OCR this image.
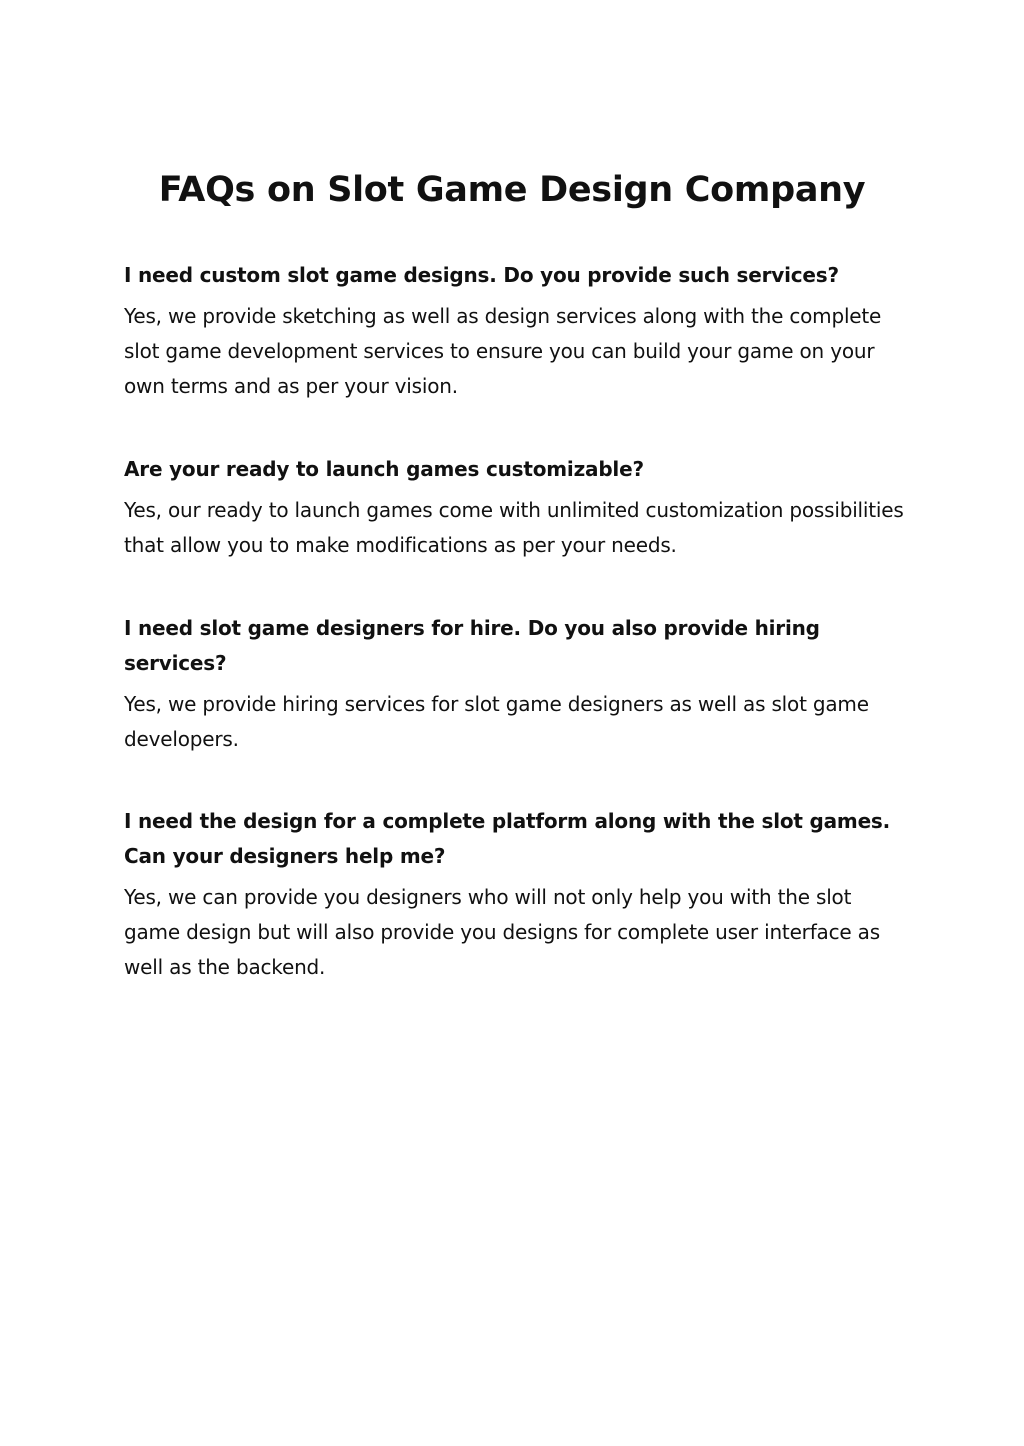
FAQs on Slot Game Design Company

I need custom slot game designs. Do you provide such services?

Yes, we provide sketching as well as design services along with the complete slot game development services to ensure you can build your game on your own terms and as per your vision.

Are your ready to launch games customizable?

Yes, our ready to launch games come with unlimited customization possibilities that allow you to make modifications as per your needs.

I need slot game designers for hire. Do you also provide hiring services?

Yes, we provide hiring services for slot game designers as well as slot game developers.

I need the design for a complete platform along with the slot games. Can your designers help me?

Yes, we can provide you designers who will not only help you with the slot game design but will also provide you designs for complete user interface as well as the backend.
